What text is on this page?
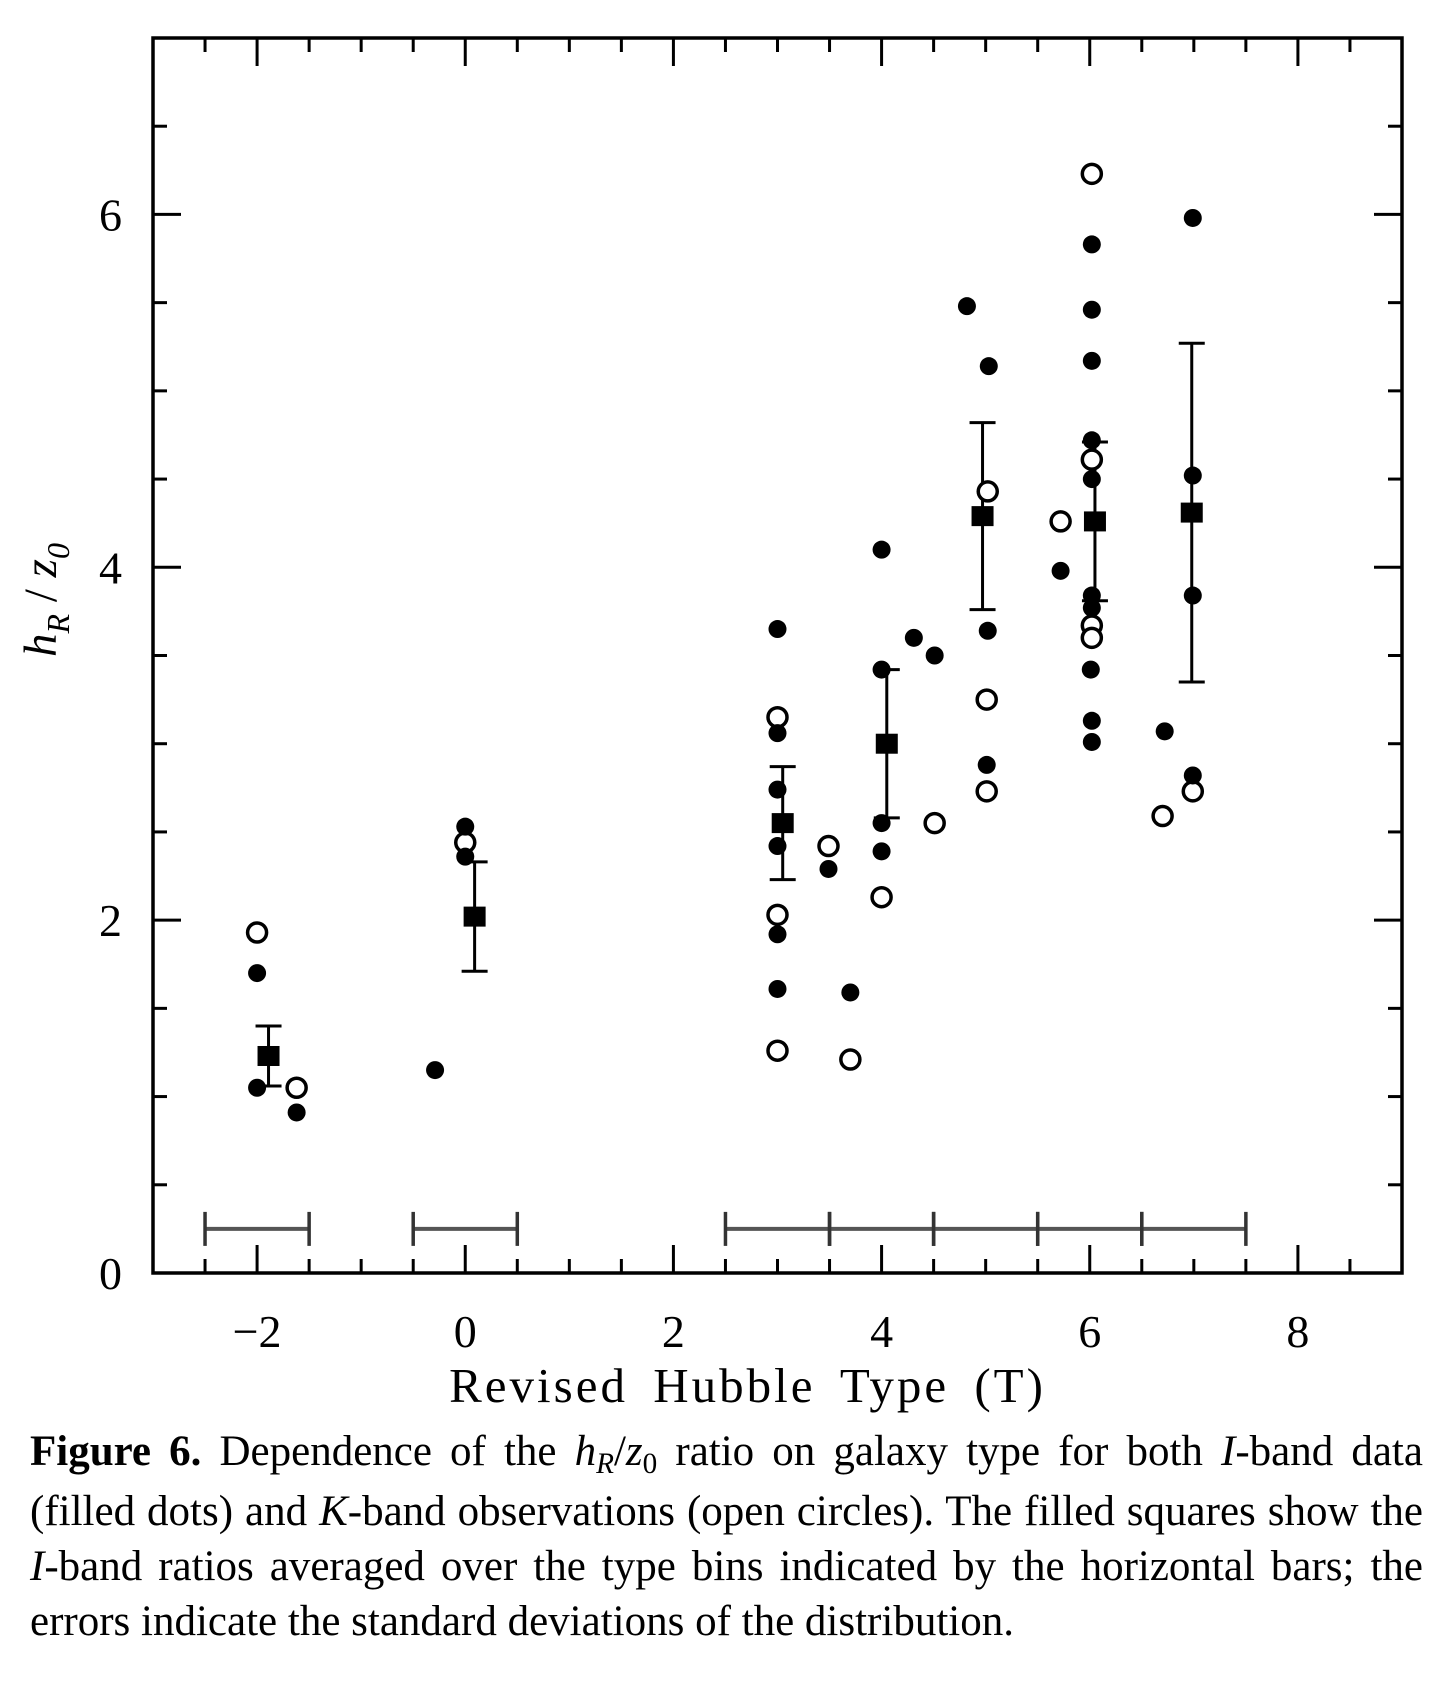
−2	0	2	4	6	8
0
2
4
6
Revised Hubble Type (T)
$h_R / z_0$
Figure 6. Dependence of the $h_R/z_0$ ratio on galaxy type for both I-band data (filled dots) and K-band observations (open circles). The filled squares show the I-band ratios averaged over the type bins indicated by the horizontal bars; the errors indicate the standard deviations of the distribution.
